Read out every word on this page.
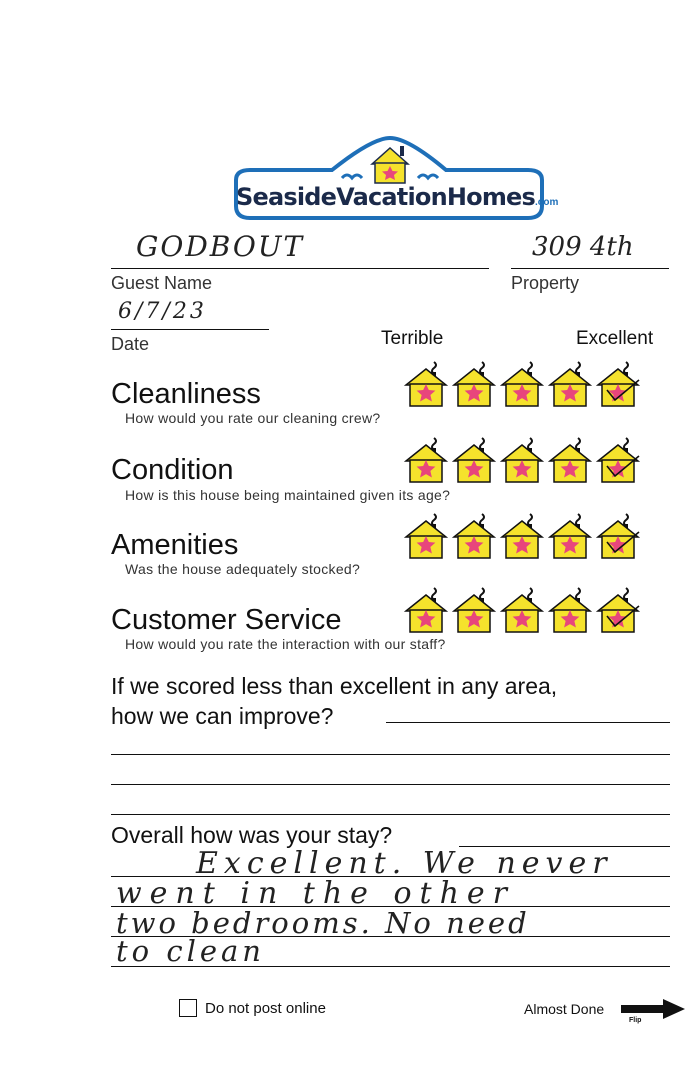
SeasideVacationHomes.com
GODBOUT
Guest Name
309 4th
Property
6/7/23
Date	Terrible	Excellent
Cleanliness
How would you rate our cleaning crew?
Condition
How is this house being maintained given its age?
Amenities
Was the house adequately stocked?
Customer Service
How would you rate the interaction with our staff?
If we scored less than excellent in any area,
how we can improve?
Overall how was your stay?
Excellent. We never
went in the other
two bedrooms. No need
to clean
Do not post online	Almost Done
Flip
